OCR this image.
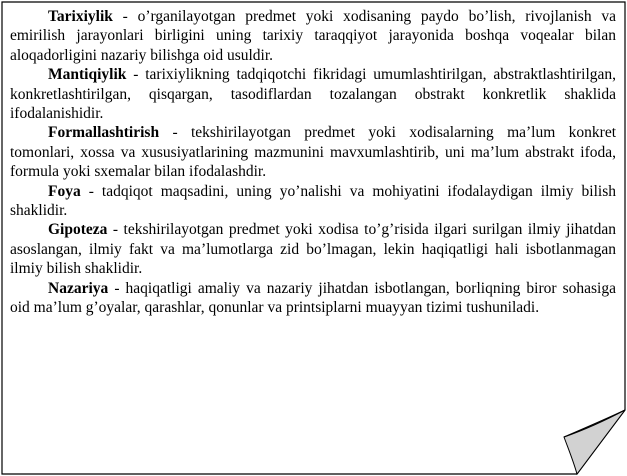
Tarixiylik - o’rganilayotgan predmet yoki xodisaning paydo bo’lish, rivojlanish va emirilish jarayonlari birligini uning tarixiy taraqqiyot jarayonida boshqa voqealar bilan aloqadorligini nazariy bilishga oid usuldir.

Mantiqiylik - tarixiylikning tadqiqotchi fikridagi umumlashtirilgan, abstraktlashtirilgan, konkretlashtirilgan, qisqargan, tasodiflardan tozalangan obstrakt konkretlik shaklida ifodalanishidir.

Formallashtirish - tekshirilayotgan predmet yoki xodisalarning ma’lum konkret tomonlari, xossa va xususiyatlarining mazmunini mavxumlashtirib, uni ma’lum abstrakt ifoda, formula yoki sxemalar bilan ifodalashdir.

Foya - tadqiqot maqsadini, uning yo’nalishi va mohiyatini ifodalaydigan ilmiy bilish shaklidir.

Gipoteza - tekshirilayotgan predmet yoki xodisa to’g’risida ilgari surilgan ilmiy jihatdan asoslangan, ilmiy fakt va ma’lumotlarga zid bo’lmagan, lekin haqiqatligi hali isbotlanmagan ilmiy bilish shaklidir.

Nazariya - haqiqatligi amaliy va nazariy jihatdan isbotlangan, borliqning biror sohasiga oid ma’lum g’oyalar, qarashlar, qonunlar va printsiplarni muayyan tizimi tushuniladi.
